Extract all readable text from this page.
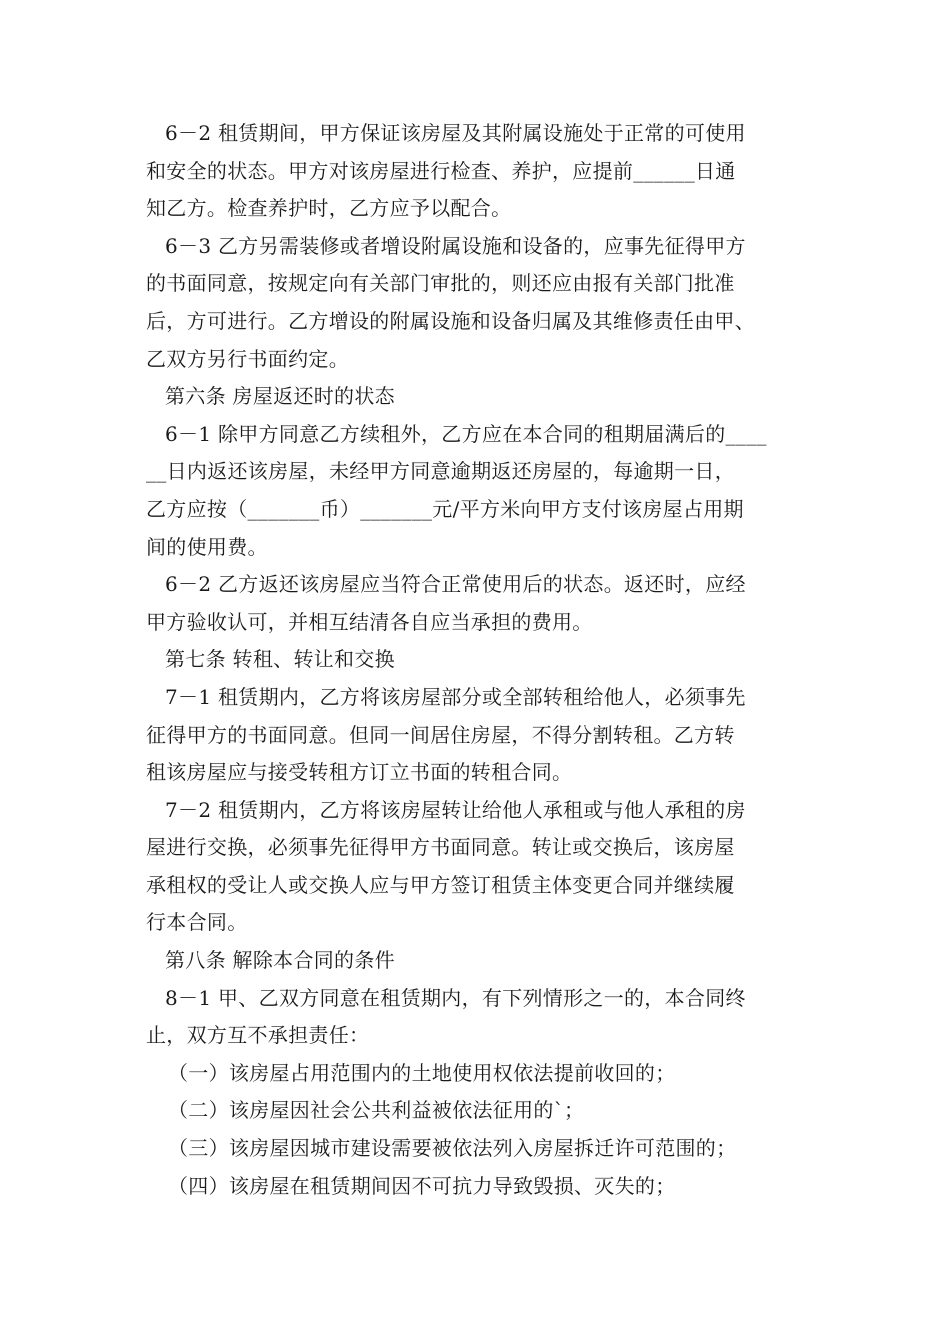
6－2 租赁期间，甲方保证该房屋及其附属设施处于正常的可使用
和安全的状态。甲方对该房屋进行检查、养护，应提前______日通
知乙方。检查养护时，乙方应予以配合。
6－3 乙方另需装修或者增设附属设施和设备的，应事先征得甲方
的书面同意，按规定向有关部门审批的，则还应由报有关部门批准
后，方可进行。乙方增设的附属设施和设备归属及其维修责任由甲、
乙双方另行书面约定。
第六条 房屋返还时的状态
6－1 除甲方同意乙方续租外，乙方应在本合同的租期届满后的____
__日内返还该房屋，未经甲方同意逾期返还房屋的，每逾期一日，
乙方应按（_______币）_______元/平方米向甲方支付该房屋占用期
间的使用费。
6－2 乙方返还该房屋应当符合正常使用后的状态。返还时，应经
甲方验收认可，并相互结清各自应当承担的费用。
第七条 转租、转让和交换
7－1 租赁期内，乙方将该房屋部分或全部转租给他人，必须事先
征得甲方的书面同意。但同一间居住房屋，不得分割转租。乙方转
租该房屋应与接受转租方订立书面的转租合同。
7－2 租赁期内，乙方将该房屋转让给他人承租或与他人承租的房
屋进行交换，必须事先征得甲方书面同意。转让或交换后，该房屋
承租权的受让人或交换人应与甲方签订租赁主体变更合同并继续履
行本合同。
第八条 解除本合同的条件
8－1 甲、乙双方同意在租赁期内，有下列情形之一的，本合同终
止，双方互不承担责任：
（一）该房屋占用范围内的土地使用权依法提前收回的；
（二）该房屋因社会公共利益被依法征用的`；
（三）该房屋因城市建设需要被依法列入房屋拆迁许可范围的；
（四）该房屋在租赁期间因不可抗力导致毁损、灭失的；
